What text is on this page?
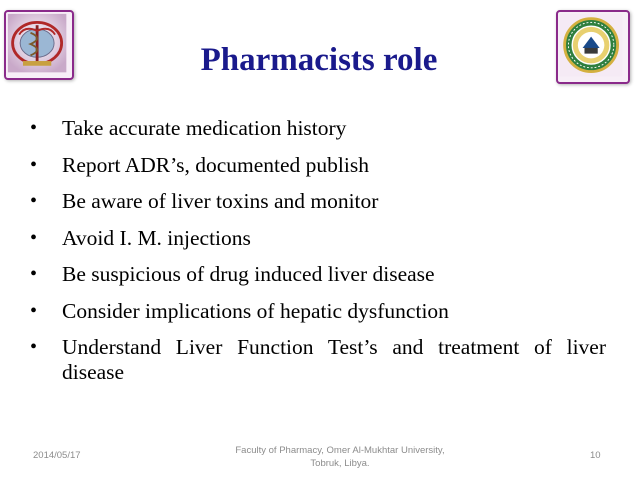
Pharmacists role
• Take accurate medication history
• Report ADR’s, documented publish
• Be aware of liver toxins and monitor
• Avoid I. M. injections
• Be suspicious of drug induced liver disease
• Consider implications of hepatic dysfunction
• Understand Liver Function Test’s and treatment of liver disease
2014/05/17	Faculty of Pharmacy, Omer Al-Mukhtar University,
Tobruk, Libya.
10
